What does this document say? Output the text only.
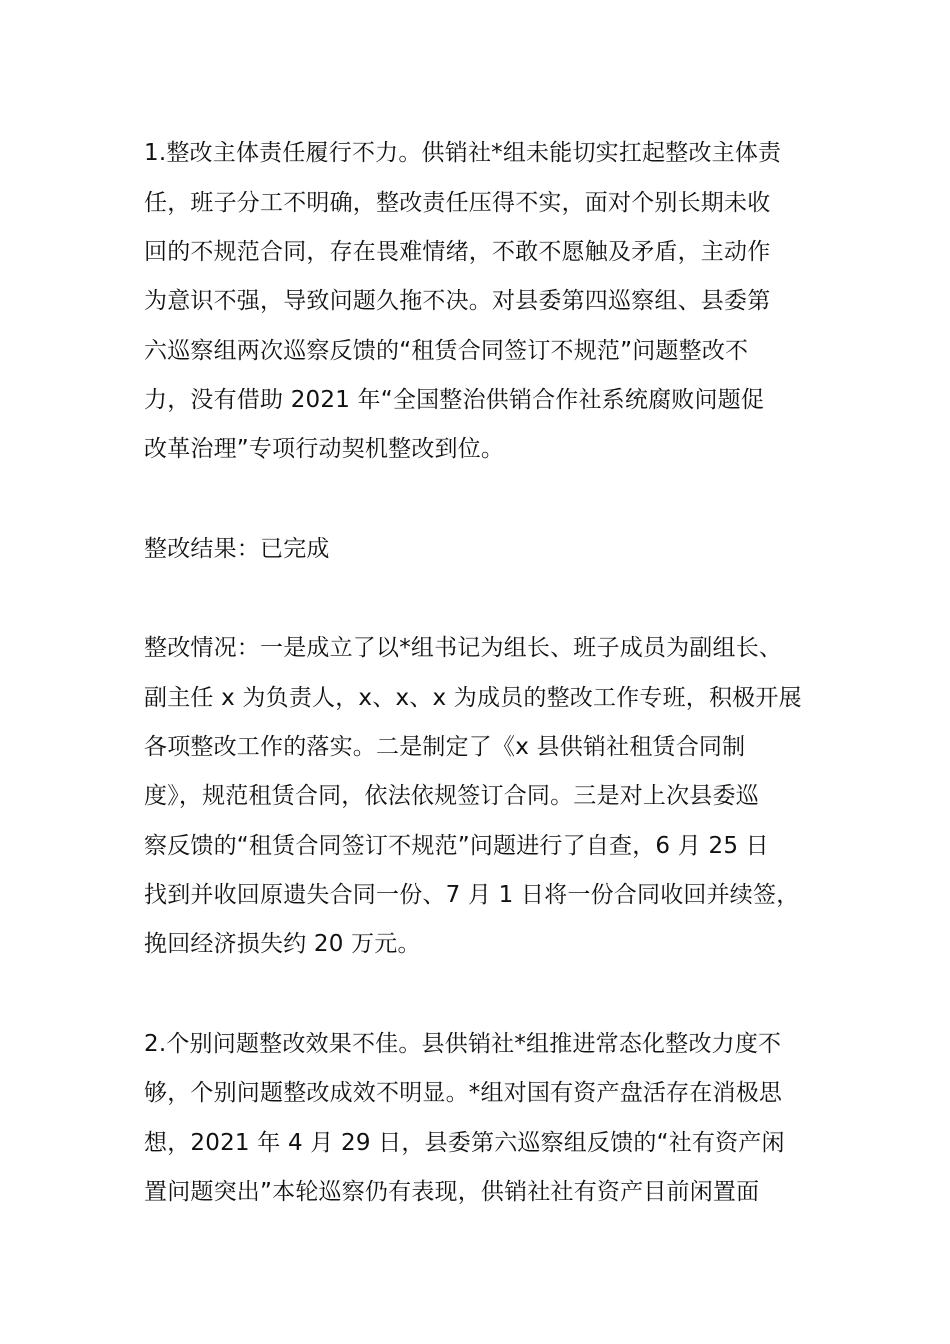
1.整改主体责任履行不力。供销社*组未能切实扛起整改主体责
任，班子分工不明确，整改责任压得不实，面对个别长期未收
回的不规范合同，存在畏难情绪，不敢不愿触及矛盾，主动作
为意识不强，导致问题久拖不决。对县委第四巡察组、县委第
六巡察组两次巡察反馈的“租赁合同签订不规范”问题整改不
力，没有借助 2021 年“全国整治供销合作社系统腐败问题促
改革治理”专项行动契机整改到位。
整改结果：已完成
整改情况：一是成立了以*组书记为组长、班子成员为副组长、
副主任 x 为负责人，x、x、x 为成员的整改工作专班，积极开展
各项整改工作的落实。二是制定了《x 县供销社租赁合同制
度》，规范租赁合同，依法依规签订合同。三是对上次县委巡
察反馈的“租赁合同签订不规范”问题进行了自查，6 月 25 日
找到并收回原遗失合同一份、7 月 1 日将一份合同收回并续签，
挽回经济损失约 20 万元。
2.个别问题整改效果不佳。县供销社*组推进常态化整改力度不
够，个别问题整改成效不明显。*组对国有资产盘活存在消极思
想，2021 年 4 月 29 日，县委第六巡察组反馈的“社有资产闲
置问题突出”本轮巡察仍有表现，供销社社有资产目前闲置面
